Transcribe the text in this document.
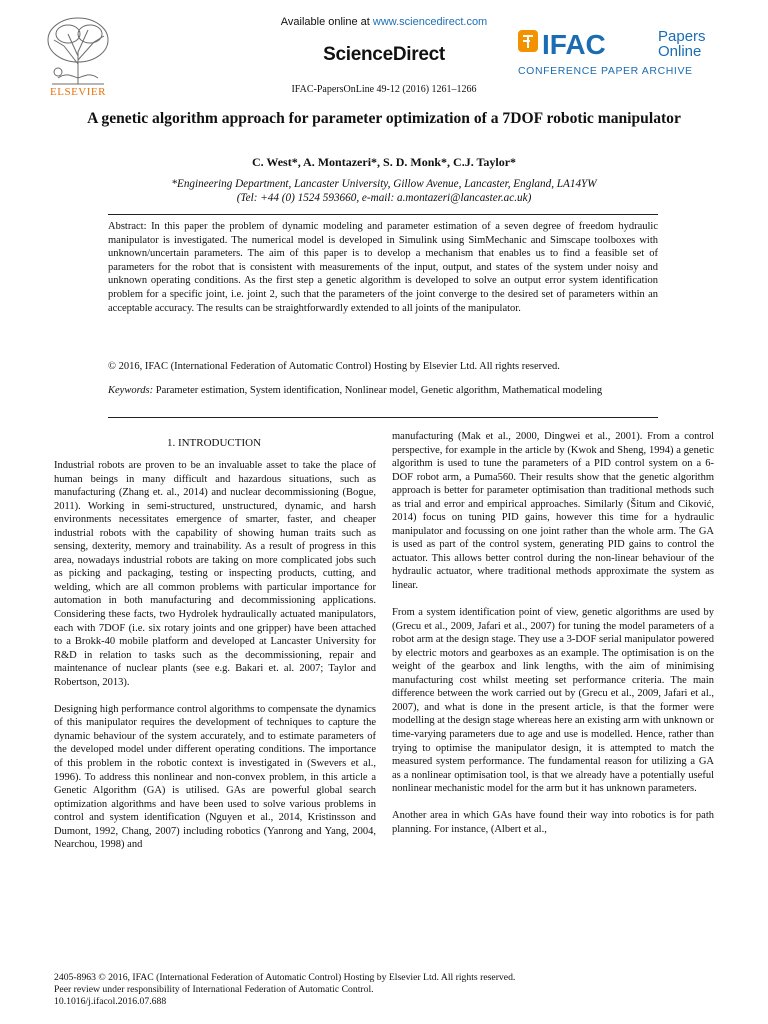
Available online at www.sciencedirect.com
ScienceDirect
IFAC-PapersOnLine 49-12 (2016) 1261–1266
ELSEVIER
IFAC	Papers
Online
CONFERENCE PAPER ARCHIVE
A genetic algorithm approach for parameter optimization of a 7DOF robotic manipulator
C. West*, A. Montazeri*, S. D. Monk*, C.J. Taylor*
*Engineering Department, Lancaster University, Gillow Avenue, Lancaster, England, LA14YW
(Tel: +44 (0) 1524 593660, e-mail: a.montazeri@lancaster.ac.uk)
Abstract: In this paper the problem of dynamic modeling and parameter estimation of a seven degree of freedom hydraulic manipulator is investigated. The numerical model is developed in Simulink using SimMechanic and Simscape toolboxes with unknown/uncertain parameters. The aim of this paper is to develop a mechanism that enables us to find a feasible set of parameters for the robot that is consistent with measurements of the input, output, and states of the system under noisy and unknown operating conditions. As the first step a genetic algorithm is developed to solve an output error system identification problem for a specific joint, i.e. joint 2, such that the parameters of the joint converge to the desired set of parameters within an acceptable accuracy. The results can be straightforwardly extended to all joints of the manipulator.
© 2016, IFAC (International Federation of Automatic Control) Hosting by Elsevier Ltd. All rights reserved.
Keywords: Parameter estimation, System identification, Nonlinear model, Genetic algorithm, Mathematical modeling
1. INTRODUCTION

Industrial robots are proven to be an invaluable asset to take the place of human beings in many difficult and hazardous situations, such as manufacturing (Zhang et. al., 2014) and nuclear decommissioning (Bogue, 2011). Working in semi-structured, unstructured, dynamic, and harsh environments necessitates emergence of smarter, faster, and cheaper industrial robots with the capability of showing human traits such as sensing, dexterity, memory and trainability. As a result of progress in this area, nowadays industrial robots are taking on more complicated jobs such as picking and packaging, testing or inspecting products, cutting, and welding, which are all common problems with particular importance for automation in both manufacturing and decommissioning applications. Considering these facts, two Hydrolek hydraulically actuated manipulators, each with 7DOF (i.e. six rotary joints and one gripper) have been attached to a Brokk-40 mobile platform and developed at Lancaster University for R&D in relation to tasks such as the decommissioning, repair and maintenance of nuclear plants (see e.g. Bakari et. al. 2007; Taylor and Robertson, 2013).

Designing high performance control algorithms to compensate the dynamics of this manipulator requires the development of techniques to capture the dynamic behaviour of the system accurately, and to estimate parameters of the developed model under different operating conditions. The importance of this problem in the robotic context is investigated in (Swevers et al., 1996). To address this nonlinear and non-convex problem, in this article a Genetic Algorithm (GA) is utilised. GAs are powerful global search optimization algorithms and have been used to solve various problems in control and system identification (Nguyen et al., 2014, Kristinsson and Dumont, 1992, Chang, 2007) including robotics (Yanrong and Yang, 2004, Nearchou, 1998) and

manufacturing (Mak et al., 2000, Dingwei et al., 2001). From a control perspective, for example in the article by (Kwok and Sheng, 1994) a genetic algorithm is used to tune the parameters of a PID control system on a 6-DOF robot arm, a Puma560. Their results show that the genetic algorithm approach is better for parameter optimisation than traditional methods such as trial and error and empirical approaches. Similarly (Šitum and Ciković, 2014) focus on tuning PID gains, however this time for a hydraulic manipulator and focussing on one joint rather than the whole arm. The GA is used as part of the control system, generating PID gains to control the actuator. This allows better control during the non-linear behaviour of the hydraulic actuator, where traditional methods approximate the system as linear.

From a system identification point of view, genetic algorithms are used by (Grecu et al., 2009, Jafari et al., 2007) for tuning the model parameters of a robot arm at the design stage. They use a 3-DOF serial manipulator powered by electric motors and gearboxes as an example. The optimisation is on the weight of the gearbox and link lengths, with the aim of minimising manufacturing cost whilst meeting set performance criteria. The main difference between the work carried out by (Grecu et al., 2009, Jafari et al., 2007), and what is done in the present article, is that the former were modelling at the design stage whereas here an existing arm with unknown or time-varying parameters due to age and use is modelled. Hence, rather than trying to optimise the manipulator design, it is attempted to match the measured system performance. The fundamental reason for utilizing a GA as a nonlinear optimisation tool, is that we already have a potentially useful nonlinear mechanistic model for the arm but it has unknown parameters.

Another area in which GAs have found their way into robotics is for path planning. For instance, (Albert et al.,

2405-8963 © 2016, IFAC (International Federation of Automatic Control) Hosting by Elsevier Ltd. All rights reserved.
Peer review under responsibility of International Federation of Automatic Control.
10.1016/j.ifacol.2016.07.688
